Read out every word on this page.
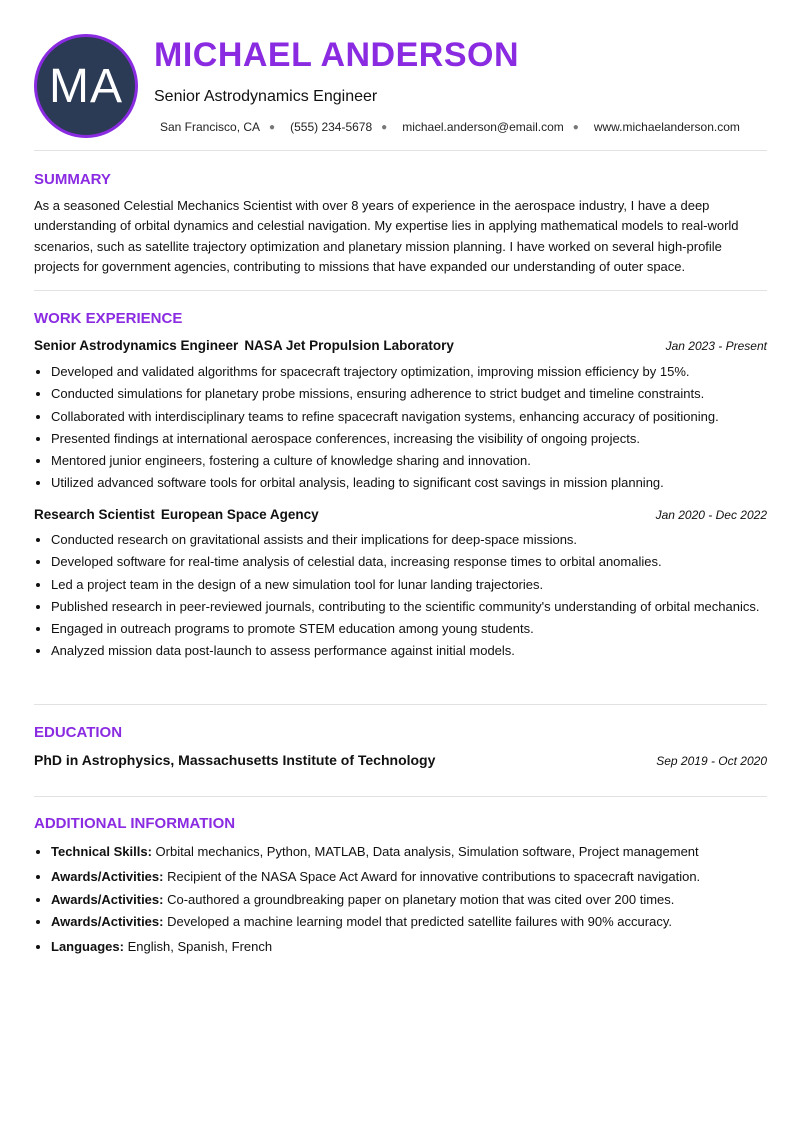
MA
MICHAEL ANDERSON
Senior Astrodynamics Engineer
San Francisco, CA ● (555) 234-5678 ● michael.anderson@email.com ● www.michaelanderson.com
SUMMARY

As a seasoned Celestial Mechanics Scientist with over 8 years of experience in the aerospace industry, I have a deep understanding of orbital dynamics and celestial navigation. My expertise lies in applying mathematical models to real-world scenarios, such as satellite trajectory optimization and planetary mission planning. I have worked on several high-profile projects for government agencies, contributing to missions that have expanded our understanding of outer space.

WORK EXPERIENCE
Senior Astrodynamics Engineer NASA Jet Propulsion Laboratory	Jan 2023 - Present
• Developed and validated algorithms for spacecraft trajectory optimization, improving mission efficiency by 15%.
• Conducted simulations for planetary probe missions, ensuring adherence to strict budget and timeline constraints.
• Collaborated with interdisciplinary teams to refine spacecraft navigation systems, enhancing accuracy of positioning.
• Presented findings at international aerospace conferences, increasing the visibility of ongoing projects.
• Mentored junior engineers, fostering a culture of knowledge sharing and innovation.
• Utilized advanced software tools for orbital analysis, leading to significant cost savings in mission planning.
Research Scientist European Space Agency	Jan 2020 - Dec 2022
• Conducted research on gravitational assists and their implications for deep-space missions.
• Developed software for real-time analysis of celestial data, increasing response times to orbital anomalies.
• Led a project team in the design of a new simulation tool for lunar landing trajectories.
• Published research in peer-reviewed journals, contributing to the scientific community's understanding of orbital mechanics.
• Engaged in outreach programs to promote STEM education among young students.
• Analyzed mission data post-launch to assess performance against initial models.
EDUCATION
PhD in Astrophysics, Massachusetts Institute of Technology	Sep 2019 - Oct 2020
ADDITIONAL INFORMATION
• Technical Skills: Orbital mechanics, Python, MATLAB, Data analysis, Simulation software, Project management
• Awards/Activities: Recipient of the NASA Space Act Award for innovative contributions to spacecraft navigation.
• Awards/Activities: Co-authored a groundbreaking paper on planetary motion that was cited over 200 times.
• Awards/Activities: Developed a machine learning model that predicted satellite failures with 90% accuracy.
• Languages: English, Spanish, French
